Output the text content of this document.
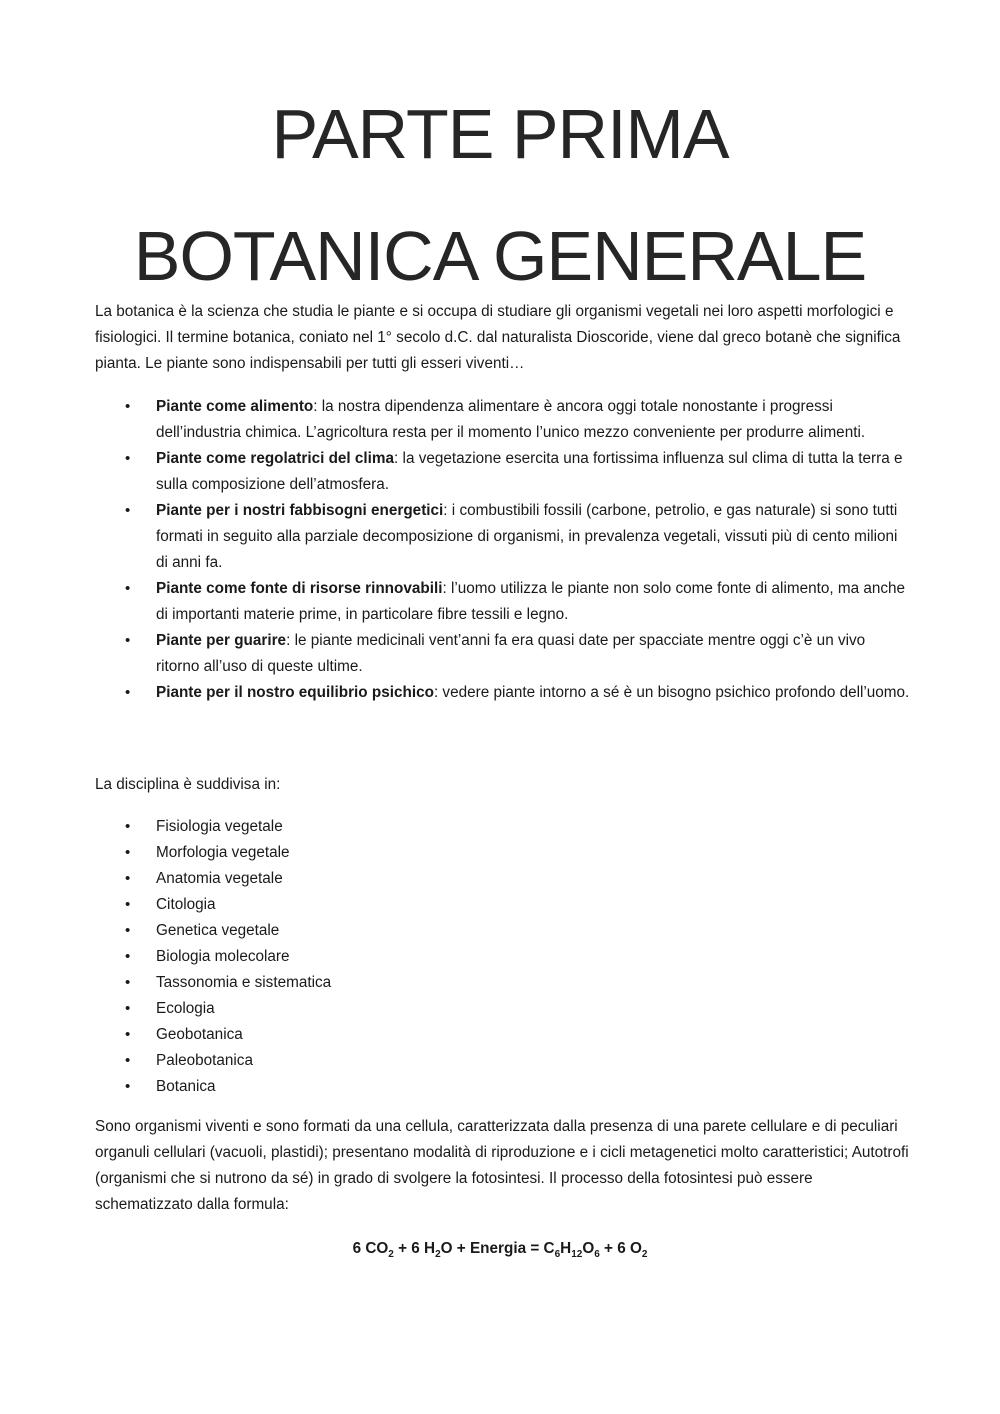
PARTE PRIMA
BOTANICA GENERALE

La botanica è la scienza che studia le piante e si occupa di studiare gli organismi vegetali nei loro aspetti morfologici e fisiologici. Il termine botanica, coniato nel 1° secolo d.C. dal naturalista Dioscoride, viene dal greco botanè che significa pianta. Le piante sono indispensabili per tutti gli esseri viventi…

• Piante come alimento: la nostra dipendenza alimentare è ancora oggi totale nonostante i progressi dell’industria chimica. L’agricoltura resta per il momento l’unico mezzo conveniente per produrre alimenti.
• Piante come regolatrici del clima: la vegetazione esercita una fortissima influenza sul clima di tutta la terra e sulla composizione dell’atmosfera.
• Piante per i nostri fabbisogni energetici: i combustibili fossili (carbone, petrolio, e gas naturale) si sono tutti formati in seguito alla parziale decomposizione di organismi, in prevalenza vegetali, vissuti più di cento milioni di anni fa.
• Piante come fonte di risorse rinnovabili: l’uomo utilizza le piante non solo come fonte di alimento, ma anche di importanti materie prime, in particolare fibre tessili e legno.
• Piante per guarire: le piante medicinali vent’anni fa era quasi date per spacciate mentre oggi c’è un vivo ritorno all’uso di queste ultime.
• Piante per il nostro equilibrio psichico: vedere piante intorno a sé è un bisogno psichico profondo dell’uomo.

La disciplina è suddivisa in:

• Fisiologia vegetale
• Morfologia vegetale
• Anatomia vegetale
• Citologia
• Genetica vegetale
• Biologia molecolare
• Tassonomia e sistematica
• Ecologia
• Geobotanica
• Paleobotanica
• Botanica

Sono organismi viventi e sono formati da una cellula, caratterizzata dalla presenza di una parete cellulare e di peculiari organuli cellulari (vacuoli, plastidi); presentano modalità di riproduzione e i cicli metagenetici molto caratteristici; Autotrofi (organismi che si nutrono da sé) in grado di svolgere la fotosintesi. Il processo della fotosintesi può essere schematizzato dalla formula:

6 $CO_2 + 6$ $H_2O$ + Energia = $C_6H_{12}O_6 + 6$ $O_2$
